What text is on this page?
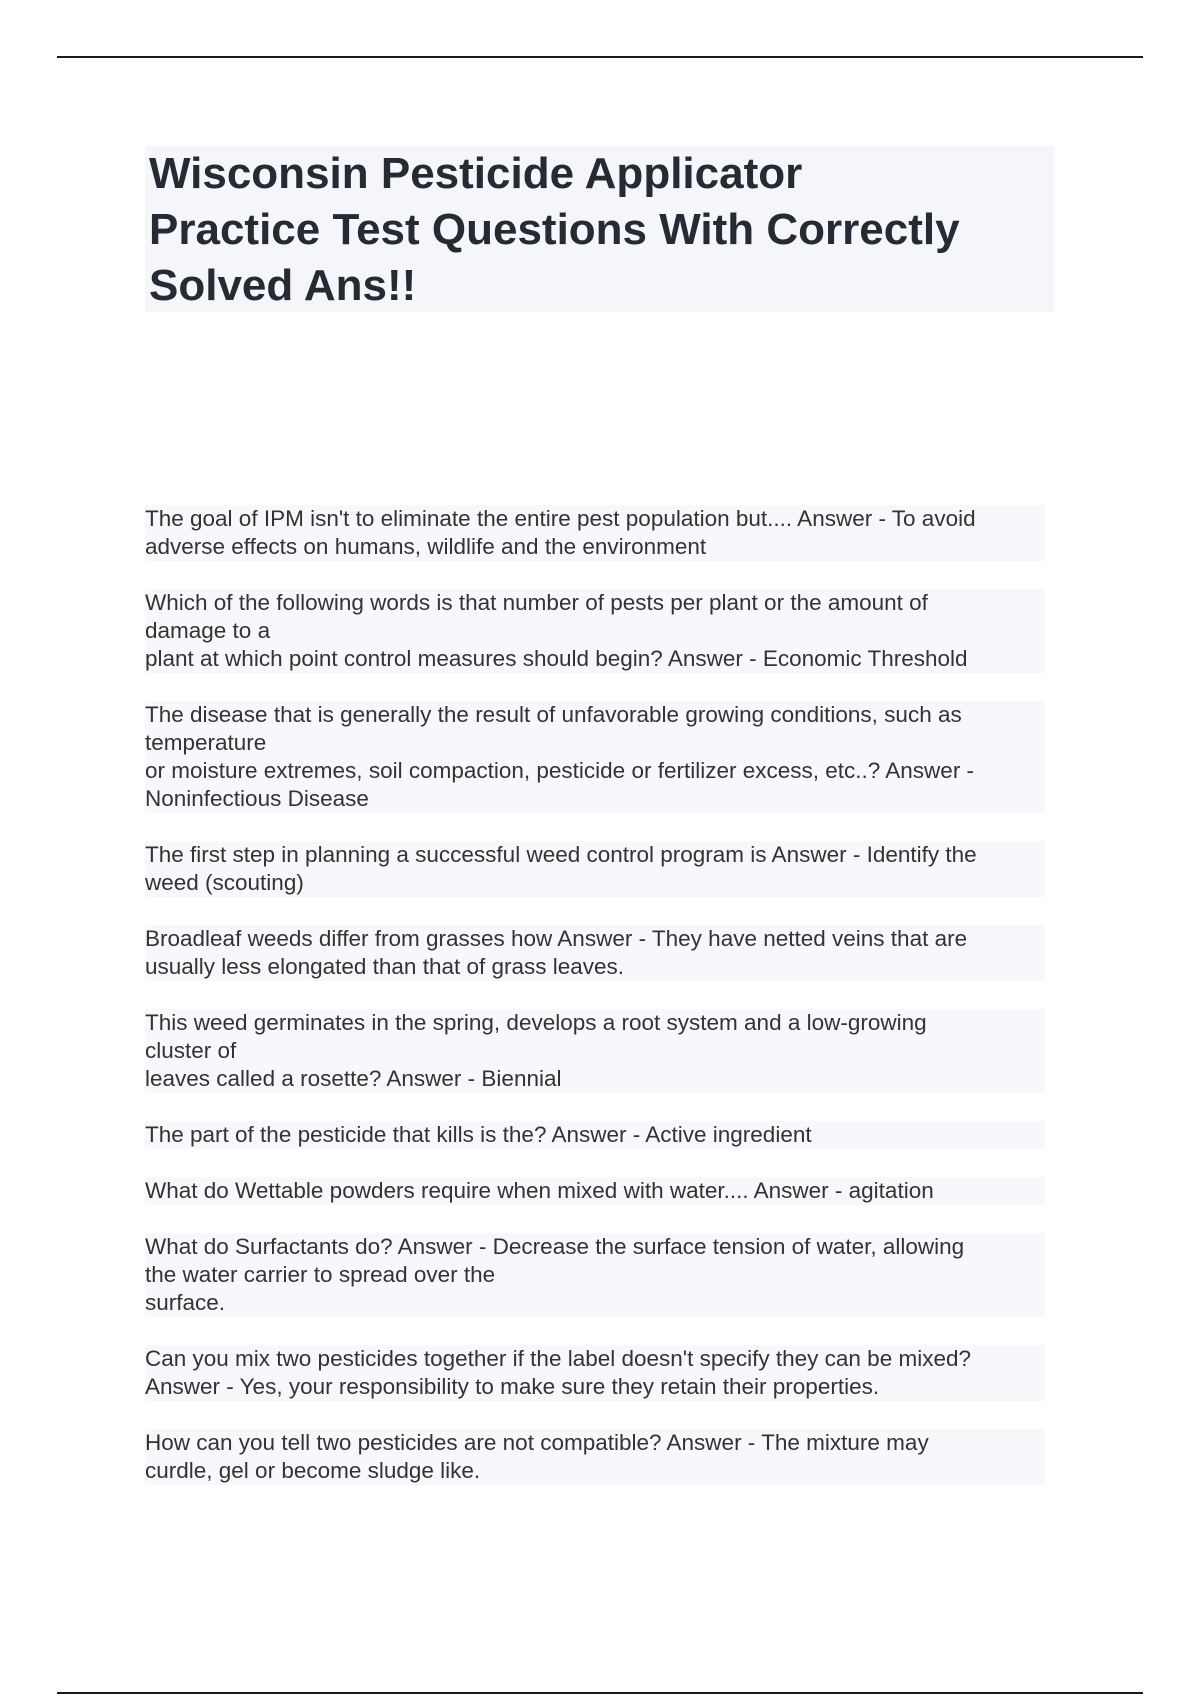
Wisconsin Pesticide Applicator
Practice Test Questions With Correctly
Solved Ans!!
The goal of IPM isn't to eliminate the entire pest population but.... Answer - To avoid
adverse effects on humans, wildlife and the environment
Which of the following words is that number of pests per plant or the amount of
damage to a
plant at which point control measures should begin? Answer - Economic Threshold
The disease that is generally the result of unfavorable growing conditions, such as
temperature
or moisture extremes, soil compaction, pesticide or fertilizer excess, etc..? Answer -
Noninfectious Disease
The first step in planning a successful weed control program is Answer - Identify the
weed (scouting)
Broadleaf weeds differ from grasses how Answer - They have netted veins that are
usually less elongated than that of grass leaves.
This weed germinates in the spring, develops a root system and a low-growing
cluster of
leaves called a rosette? Answer - Biennial
The part of the pesticide that kills is the? Answer - Active ingredient
What do Wettable powders require when mixed with water.... Answer - agitation
What do Surfactants do? Answer - Decrease the surface tension of water, allowing
the water carrier to spread over the
surface.
Can you mix two pesticides together if the label doesn't specify they can be mixed?
Answer - Yes, your responsibility to make sure they retain their properties.
How can you tell two pesticides are not compatible? Answer - The mixture may
curdle, gel or become sludge like.
